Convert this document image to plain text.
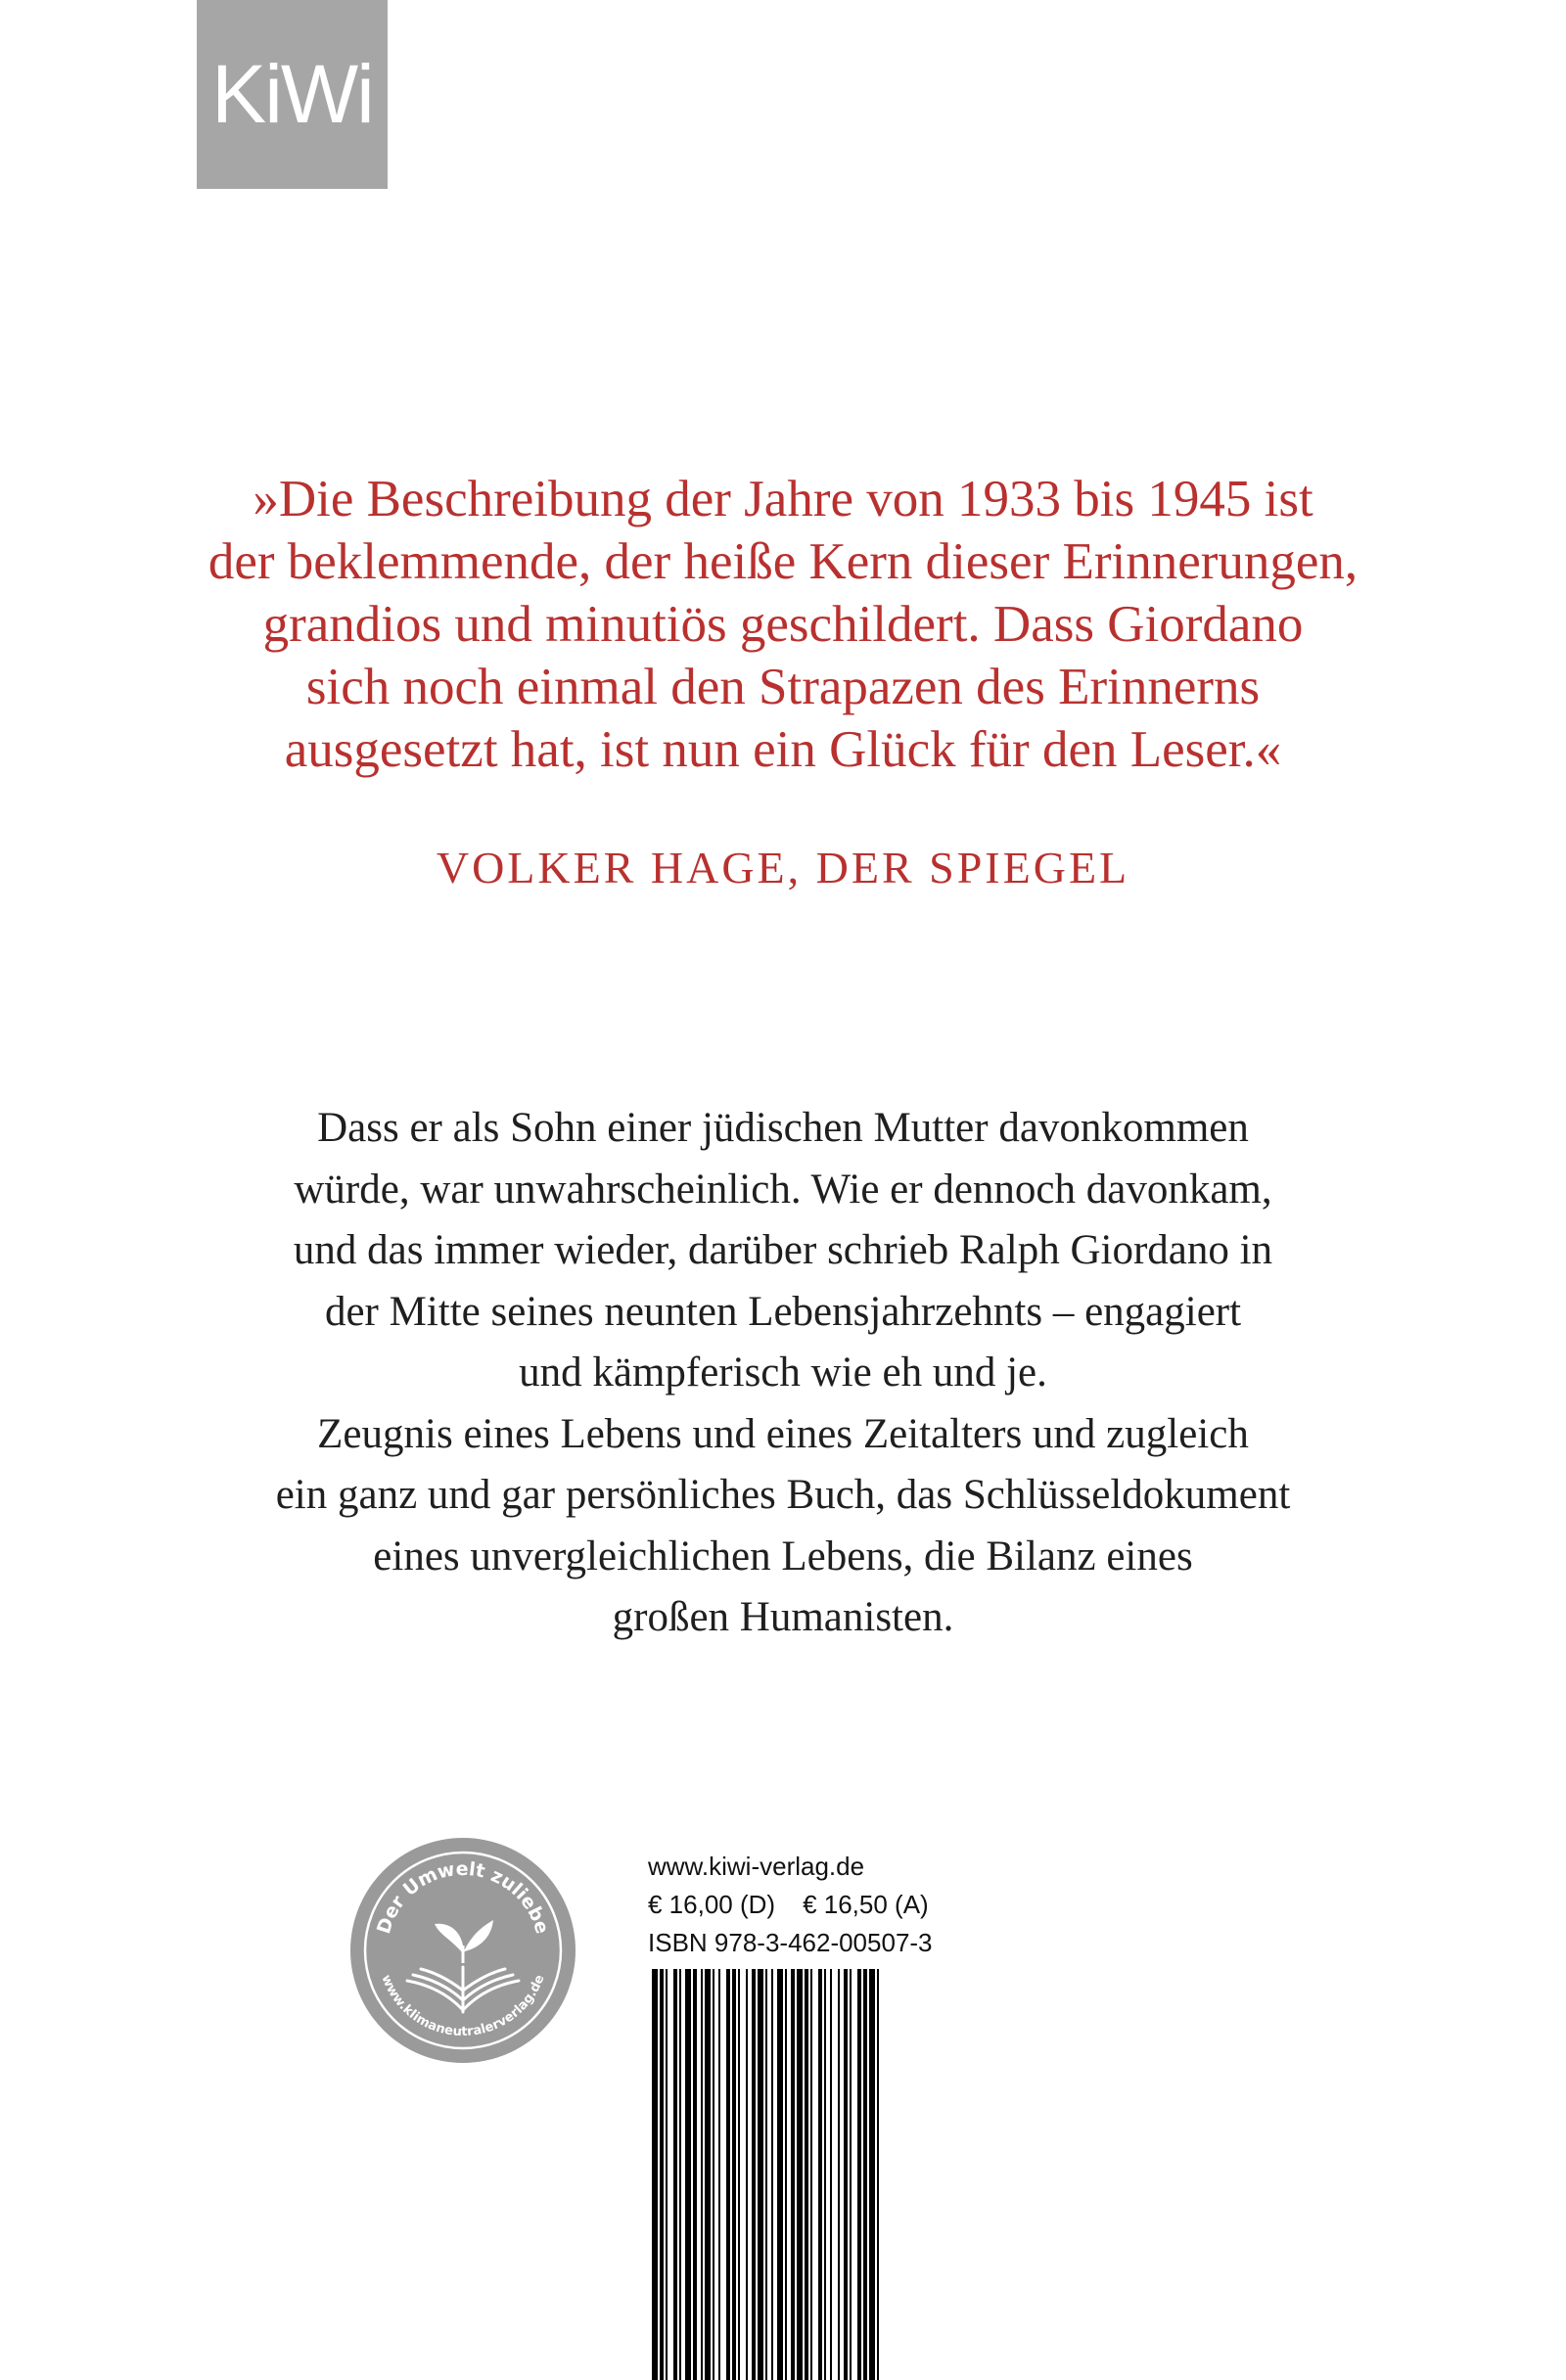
KiWi
»Die Beschreibung der Jahre von 1933 bis 1945 ist
der beklemmende, der heiße Kern dieser Erinnerungen,
grandios und minutiös geschildert. Dass Giordano
sich noch einmal den Strapazen des Erinnerns
ausgesetzt hat, ist nun ein Glück für den Leser.«
VOLKER HAGE, DER SPIEGEL
Dass er als Sohn einer jüdischen Mutter davonkommen
würde, war unwahrscheinlich. Wie er dennoch davonkam,
und das immer wieder, darüber schrieb Ralph Giordano in
der Mitte seines neunten Lebensjahrzehnts – engagiert
und kämpferisch wie eh und je.
Zeugnis eines Lebens und eines Zeitalters und zugleich
ein ganz und gar persönliches Buch, das Schlüsseldokument
eines unvergleichlichen Lebens, die Bilanz eines
großen Humanisten.
Der Umwelt zuliebe
www.klimaneutralerverlag.de
www.kiwi-verlag.de
€ 16,00 (D) € 16,50 (A)
ISBN 978-3-462-00507-3
